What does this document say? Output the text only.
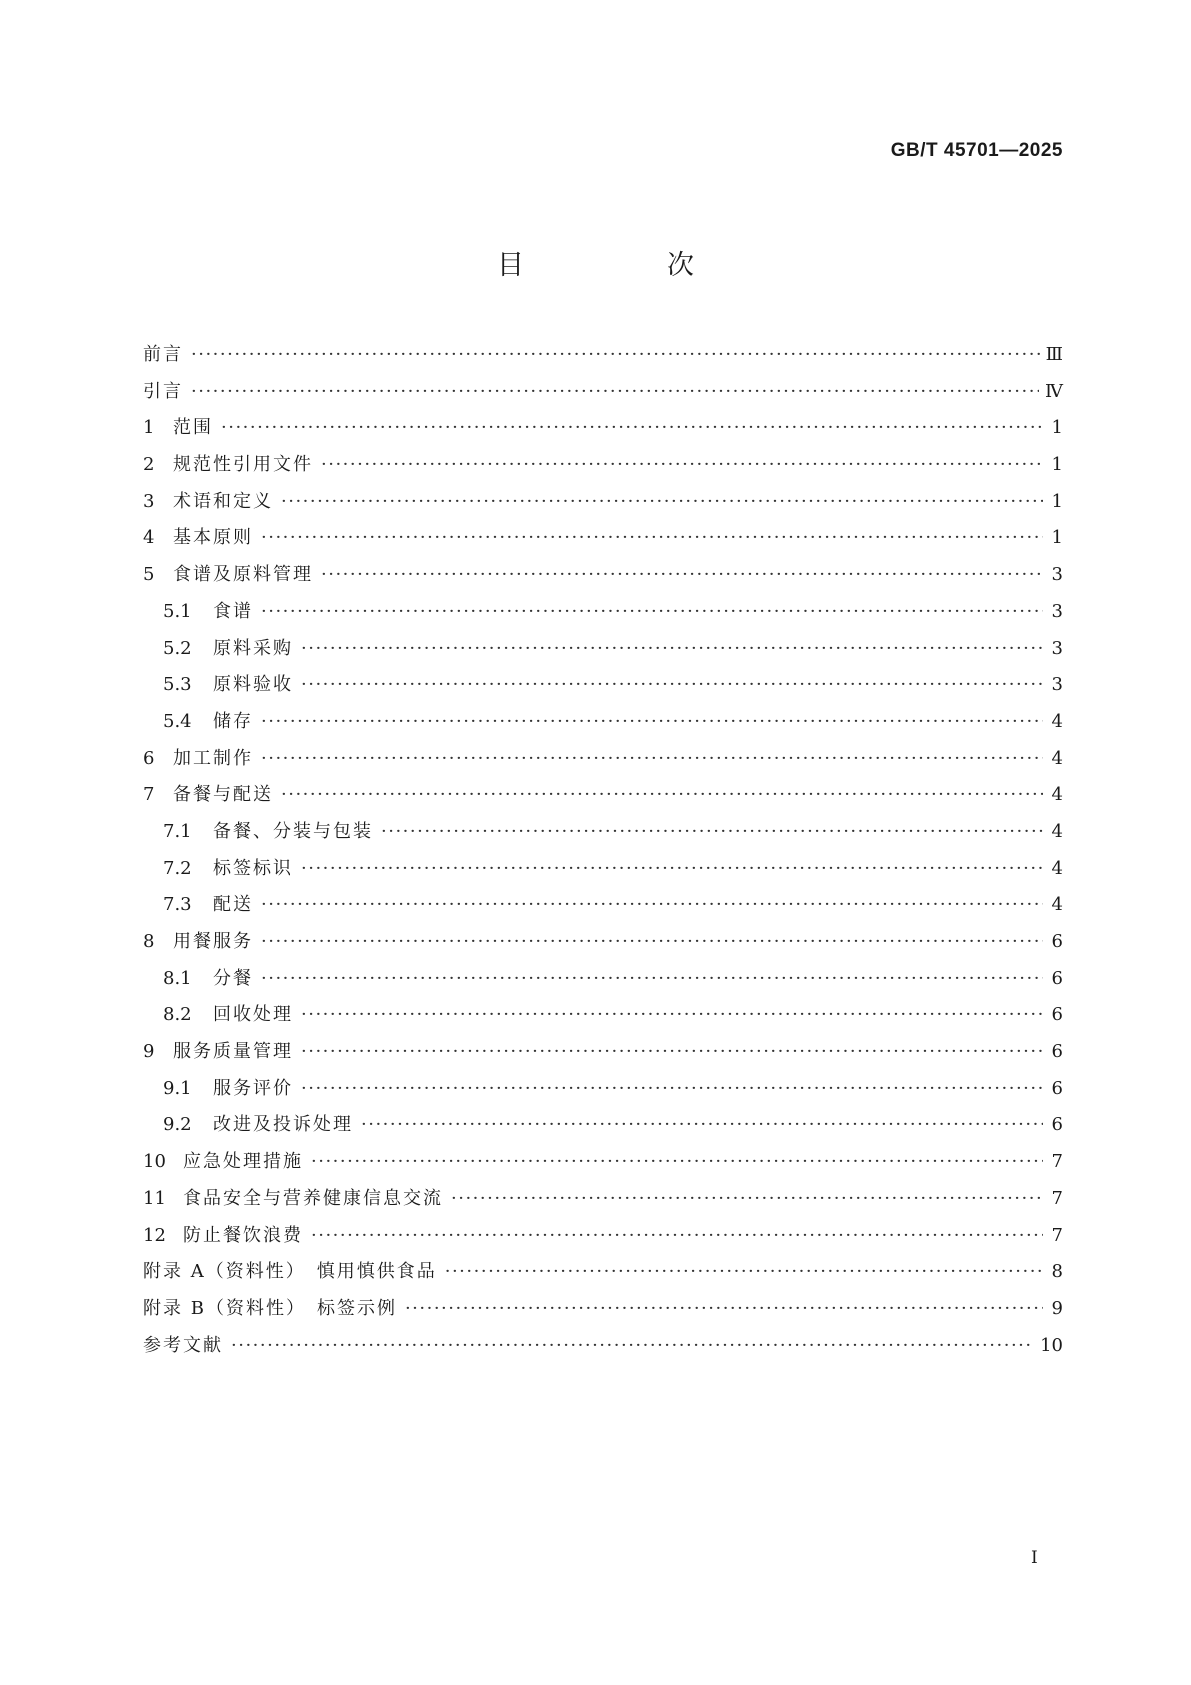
GB/T 45701—2025
目　次
前言 ·····	Ⅲ
引言 ·····	Ⅳ
1	范围 ·····	1
2	规范性引用文件 ·····	1
3	术语和定义 ·····	1
4	基本原则 ·····	1
5	食谱及原料管理 ·····	3
5.1	食谱 ·····	3
5.2	原料采购 ·····	3
5.3	原料验收 ·····	3
5.4	储存 ·····	4
6	加工制作 ·····	4
7	备餐与配送 ·····	4
7.1	备餐、分装与包装 ·····	4
7.2	标签标识 ·····	4
7.3	配送 ·····	4
8	用餐服务 ·····	6
8.1	分餐 ·····	6
8.2	回收处理 ·····	6
9	服务质量管理 ·····	6
9.1	服务评价 ·····	6
9.2	改进及投诉处理 ·····	6
10 应急处理措施 ·····	7
11 食品安全与营养健康信息交流 ·····	7
12 防止餐饮浪费 ·····	7
附录 A（资料性）　慎用慎供食品 ·····	8
附录 B（资料性）　标签示例 ·····	9
参考文献 ·····	10
I
